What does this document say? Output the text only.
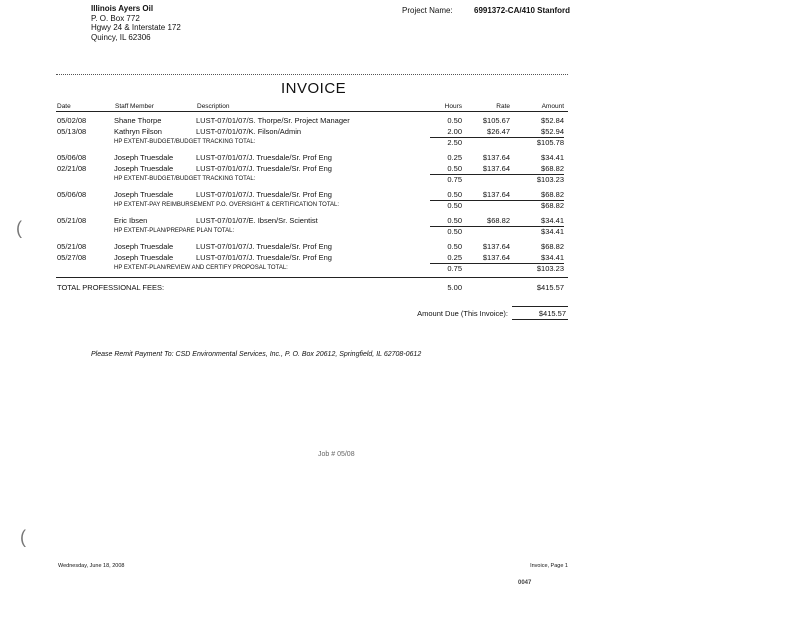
Illinois Ayers Oil
P. O. Box 772
Hgwy 24 & Interstate 172
Quincy, IL 62306
Project Name:	6991372-CA/410 Stanford
INVOICE
Date	Staff Member	Description	Hours	Rate	Amount
05/02/08	Shane Thorpe	LUST-07/01/07/S. Thorpe/Sr. Project Manager	0.50	$105.67	$52.84
05/13/08	Kathryn Filson	LUST-07/01/07/K. Filson/Admin	2.00	$26.47	$52.94
HP EXTENT-BUDGET/BUDGET TRACKING TOTAL:	2.50	$105.78
05/06/08	Joseph Truesdale	LUST-07/01/07/J. Truesdale/Sr. Prof Eng	0.25	$137.64	$34.41
02/21/08	Joseph Truesdale	LUST-07/01/07/J. Truesdale/Sr. Prof Eng	0.50	$137.64	$68.82
HP EXTENT-BUDGET/BUDGET TRACKING TOTAL:	0.75	$103.23
05/06/08	Joseph Truesdale	LUST-07/01/07/J. Truesdale/Sr. Prof Eng	0.50	$137.64	$68.82
HP EXTENT-PAY REIMBURSEMENT P.O. OVERSIGHT & CERTIFICATION TOTAL:	0.50	$68.82
05/21/08	Eric Ibsen	LUST-07/01/07/E. Ibsen/Sr. Scientist	0.50	$68.82	$34.41
HP EXTENT-PLAN/PREPARE PLAN TOTAL:	0.50	$34.41
05/21/08	Joseph Truesdale	LUST-07/01/07/J. Truesdale/Sr. Prof Eng	0.50	$137.64	$68.82
05/27/08	Joseph Truesdale	LUST-07/01/07/J. Truesdale/Sr. Prof Eng	0.25	$137.64	$34.41
HP EXTENT-PLAN/REVIEW AND CERTIFY PROPOSAL TOTAL:	0.75	$103.23
TOTAL PROFESSIONAL FEES:	5.00	$415.57
Amount Due (This Invoice):	$415.57
Please Remit Payment To: CSD Environmental Services, Inc., P. O. Box 20612, Springfield, IL 62708-0612
Job # 05/08
(
(
Wednesday, June 18, 2008	Invoice, Page 1
0047
